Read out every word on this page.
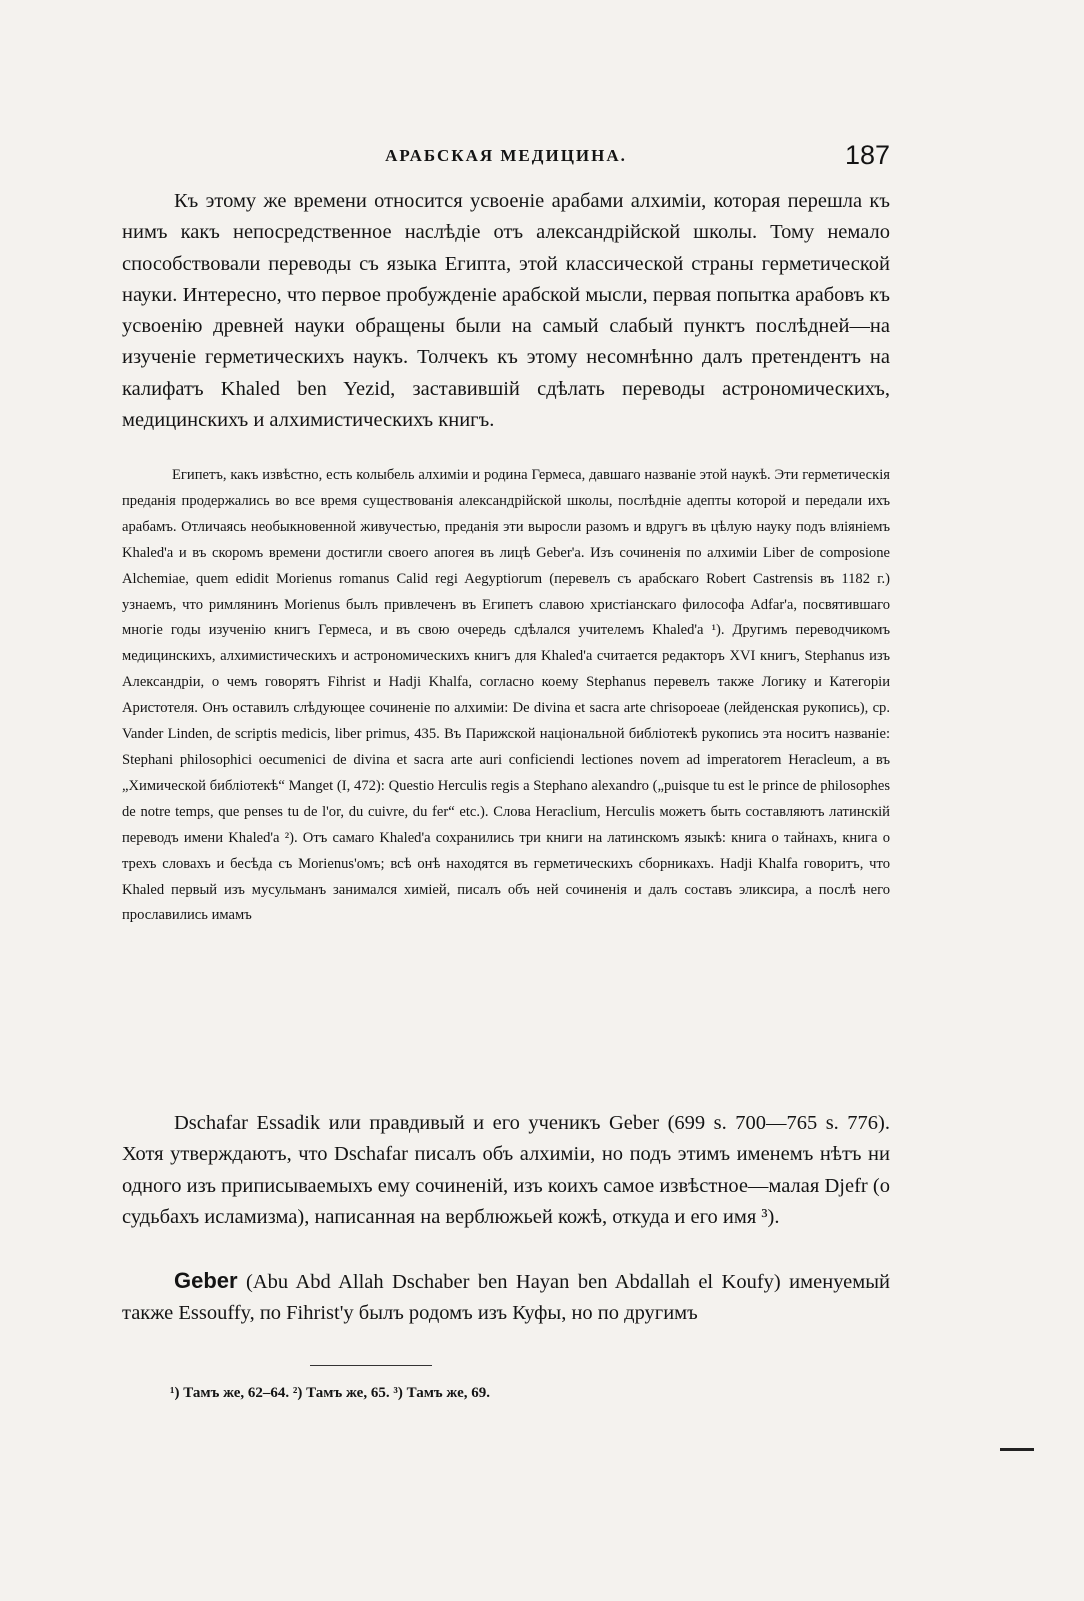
АРАБСКАЯ МЕДИЦИНА.	187

Къ этому же времени относится усвоеніе арабами алхиміи, которая перешла къ нимъ какъ непосредственное наслѣдіе отъ александрійской школы. Тому немало способствовали переводы съ языка Египта, этой классической страны герметической науки. Интересно, что первое пробужденіе арабской мысли, первая попытка арабовъ къ усвоенію древней науки обращены были на самый слабый пунктъ послѣдней—на изученіе герметическихъ наукъ. Толчекъ къ этому несомнѣнно далъ претендентъ на калифатъ Khaled ben Yezid, заставившій сдѣлать переводы астрономическихъ, медицинскихъ и алхимистическихъ книгъ.

Египетъ, какъ извѣстно, есть колыбель алхиміи и родина Гермеса, давшаго названіе этой наукѣ. Эти герметическія преданія продержались во все время существованія александрійской школы, послѣдніе адепты которой и передали ихъ арабамъ. Отличаясь необыкновенной живучестью, преданія эти выросли разомъ и вдругъ въ цѣлую науку подъ вліяніемъ Khaled'а и въ скоромъ времени достигли своего апогея въ лицѣ Geber'а. Изъ сочиненія по алхиміи Liber de composione Alchemiae, quem edidit Morienus romanus Calid regi Aegyptiorum (перевелъ съ арабскаго Robert Castrensis въ 1182 г.) узнаемъ, что римлянинъ Morienus былъ привлеченъ въ Египетъ славою христіанскаго философа Adfar'а, посвятившаго многіе годы изученію книгъ Гермеса, и въ свою очередь сдѣлался учителемъ Khaled'а ¹). Другимъ переводчикомъ медицинскихъ, алхимистическихъ и астрономическихъ книгъ для Khaled'а считается редакторъ XVI книгъ, Stephanus изъ Александріи, о чемъ говорятъ Fihrist и Hadji Khalfa, согласно коему Stephanus перевелъ также Логику и Категоріи Аристотеля. Онъ оставилъ слѣдующее сочиненіе по алхиміи: De divina et sacra arte chrisopoeae (лейденская рукопись), ср. Vander Linden, de scriptis medicis, liber primus, 435. Въ Парижской національной библіотекѣ рукопись эта носитъ названіе: Stephani philosophici oecumenici de divina et sacra arte auri conficiendi lectiones novem ad imperatorem Heracleum, а въ „Химической библіотекѣ“ Manget (I, 472): Questio Herculis regis a Stephano alexandro („puisque tu est le prince de philosophes de notre temps, que penses tu de l'or, du cuivre, du fer“ etc.). Слова Heraclium, Herculis можетъ быть составляютъ латинскій переводъ имени Khaled'а ²). Отъ самаго Khaled'а сохранились три книги на латинскомъ языкѣ: книга о тайнахъ, книга о трехъ словахъ и бесѣда съ Morienus'омъ; всѣ онѣ находятся въ герметическихъ сборникахъ. Hadji Khalfa говоритъ, что Khaled первый изъ мусульманъ занимался химіей, писалъ объ ней сочиненія и далъ составъ эликсира, а послѣ него прославились имамъ

Dschafar Essadik или правдивый и его ученикъ Geber (699 s. 700—765 s. 776). Хотя утверждаютъ, что Dschafar писалъ объ алхиміи, но подъ этимъ именемъ нѣтъ ни одного изъ приписываемыхъ ему сочиненій, изъ коихъ самое извѣстное—малая Djefr (о судьбахъ исламизма), написанная на верблюжьей кожѣ, откуда и его имя ³).

Geber (Abu Abd Allah Dschaber ben Hayan ben Abdallah el Koufy) именуемый также Essouffy, по Fihrist'у былъ родомъ изъ Куфы, но по другимъ

¹) Тамъ же, 62–64. ²) Тамъ же, 65. ³) Тамъ же, 69.
